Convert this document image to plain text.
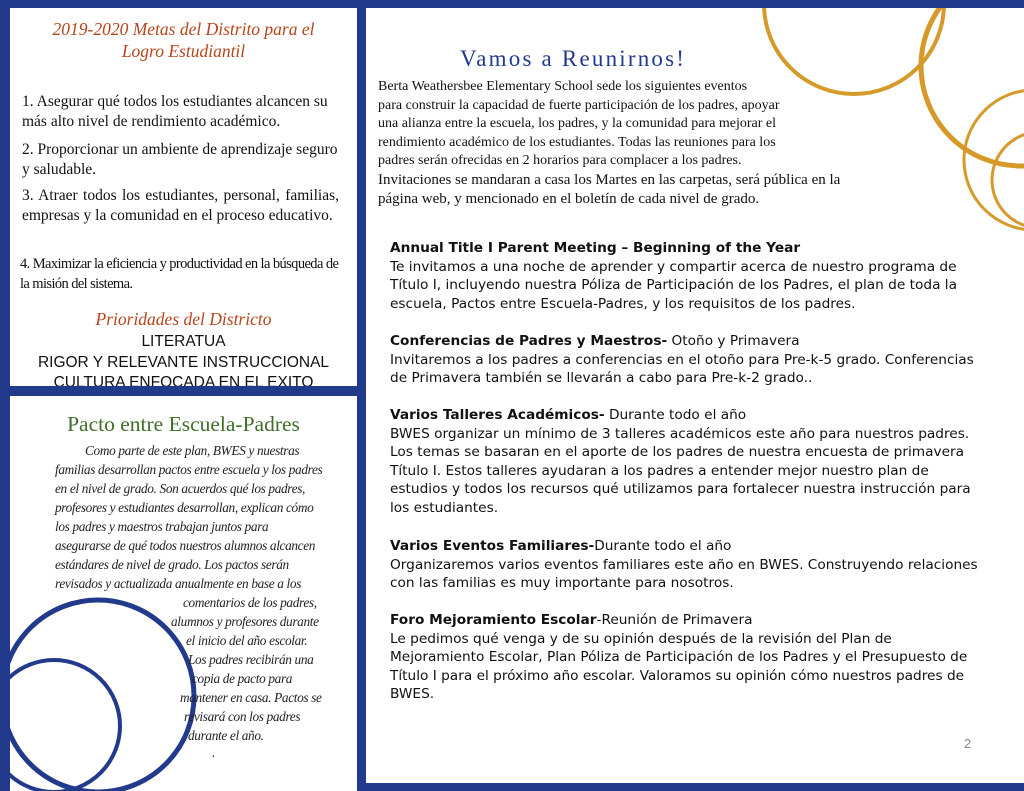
2019-2020 Metas del Distrito para el
Logro Estudiantil
1. Asegurar qué todos los estudiantes alcancen su más alto nivel de rendimiento académico.
2. Proporcionar un ambiente de aprendizaje seguro y saludable.
3. Atraer todos los estudiantes, personal, familias, empresas y la comunidad en el proceso educativo.
4. Maximizar la eficiencia y productividad en la búsqueda de la misión del sistema.
Prioridades del Districto
LITERATUA
RIGOR Y RELEVANTE INSTRUCCIONAL
CULTURA ENFOCADA EN EL EXITO
Pacto entre Escuela-Padres
Como parte de este plan, BWES y nuestras
familias desarrollan pactos entre escuela y los padres
en el nivel de grado. Son acuerdos qué los padres,
profesores y estudiantes desarrollan, explican cómo
los padres y maestros trabajan juntos para
asegurarse de qué todos nuestros alumnos alcancen
estándares de nivel de grado. Los pactos serán
revisados y actualizada anualmente en base a los
comentarios de los padres,
alumnos y profesores durante
el inicio del año escolar.
Los padres recibirán una
copia de pacto para
mantener en casa. Pactos se
revisará con los padres
durante el año.
.
Vamos a Reunirnos!
Berta Weathersbee Elementary School sede los siguientes eventos
para construir la capacidad de fuerte participación de los padres, apoyar
una alianza entre la escuela, los padres, y la comunidad para mejorar el
rendimiento académico de los estudiantes. Todas las reuniones para los
padres serán ofrecidas en 2 horarios para complacer a los padres.
Invitaciones se mandaran a casa los Martes en las carpetas, será pública en la
página web, y mencionado en el boletín de cada nivel de grado.
Annual Title I Parent Meeting – Beginning of the Year
Te invitamos a una noche de aprender y compartir acerca de nuestro programa de
Título I, incluyendo nuestra Póliza de Participación de los Padres, el plan de toda la
escuela, Pactos entre Escuela-Padres, y los requisitos de los padres.
Conferencias de Padres y Maestros- Otoño y Primavera
Invitaremos a los padres a conferencias en el otoño para Pre-k-5 grado. Conferencias
de Primavera también se llevarán a cabo para Pre-k-2 grado..
Varios Talleres Académicos- Durante todo el año
BWES organizar un mínimo de 3 talleres académicos este año para nuestros padres.
Los temas se basaran en el aporte de los padres de nuestra encuesta de primavera
Título I. Estos talleres ayudaran a los padres a entender mejor nuestro plan de
estudios y todos los recursos qué utilizamos para fortalecer nuestra instrucción para
los estudiantes.
Varios Eventos Familiares-Durante todo el año
Organizaremos varios eventos familiares este año en BWES. Construyendo relaciones
con las familias es muy importante para nosotros.
Foro Mejoramiento Escolar-Reunión de Primavera
Le pedimos qué venga y de su opinión después de la revisión del Plan de
Mejoramiento Escolar, Plan Póliza de Participación de los Padres y el Presupuesto de
Título I para el próximo año escolar. Valoramos su opinión cómo nuestros padres de
BWES.
2
